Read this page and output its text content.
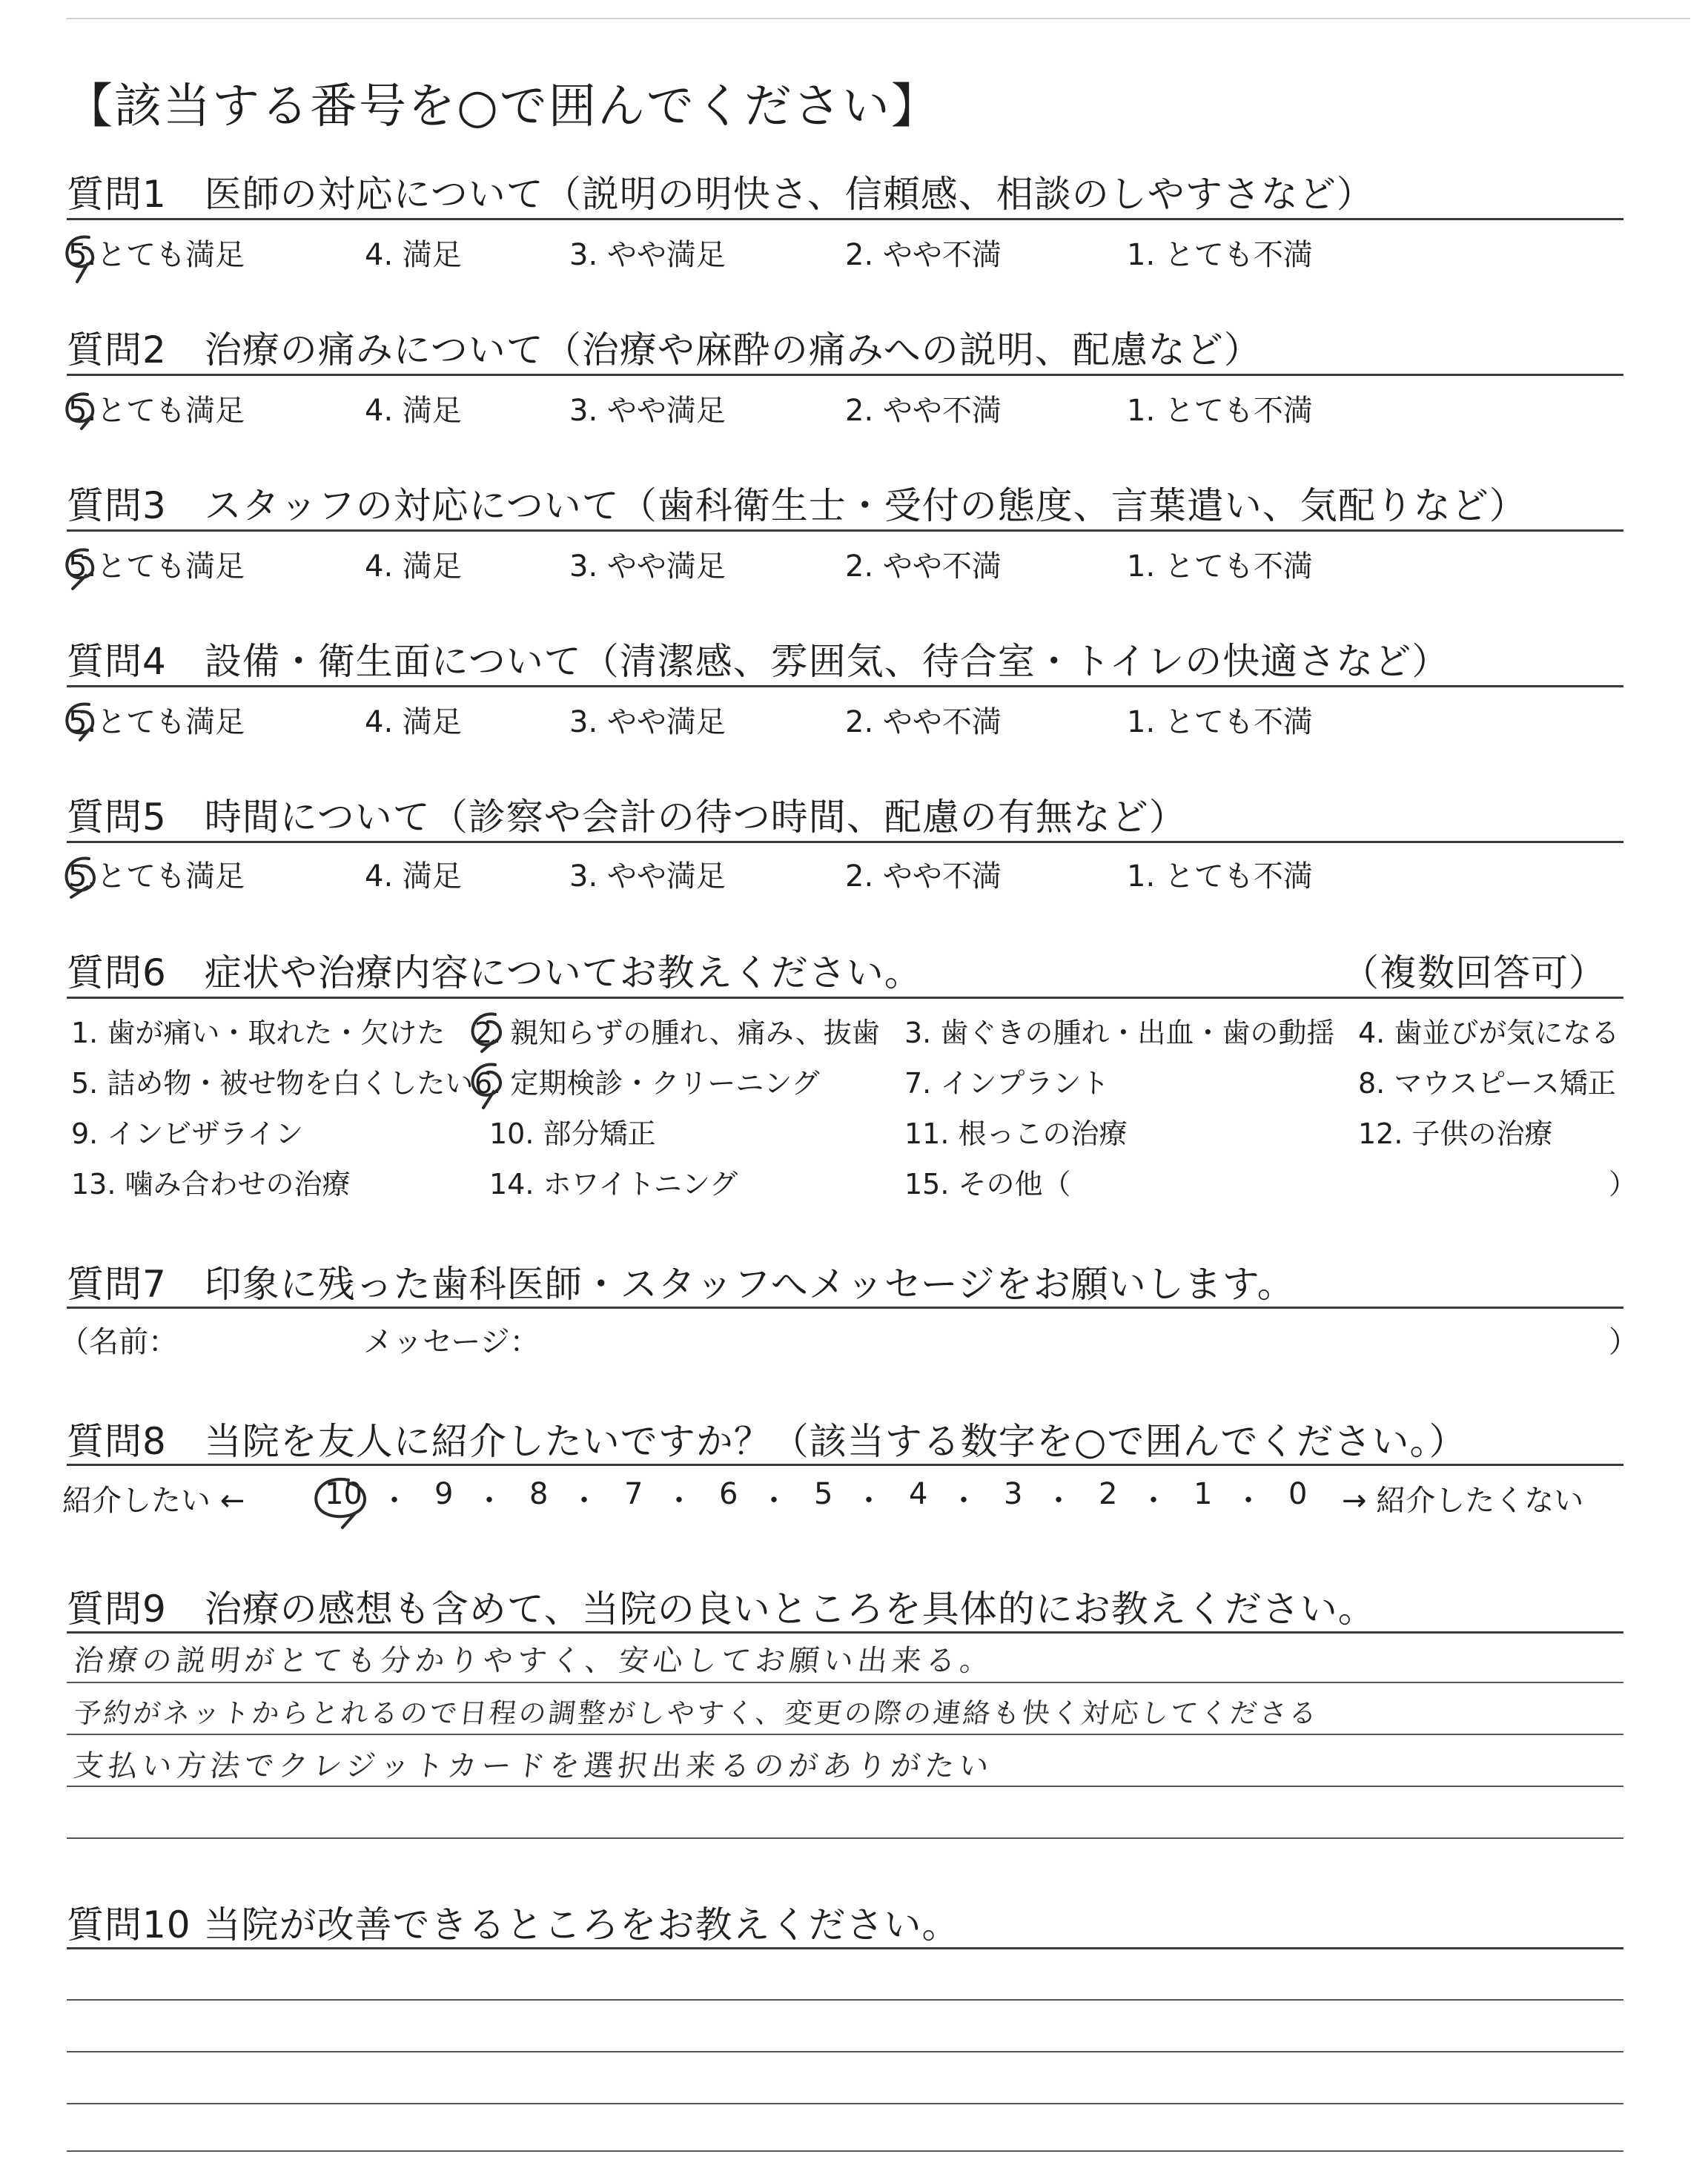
【該当する番号を○で囲んでください】
質問1　医師の対応について（説明の明快さ、信頼感、相談のしやすさなど）
5.とても満足	4. 満足	3. やや満足	2. やや不満	1. とても不満
質問2　治療の痛みについて（治療や麻酔の痛みへの説明、配慮など）
5.とても満足	4. 満足	3. やや満足	2. やや不満	1. とても不満
質問3　スタッフの対応について（歯科衛生士・受付の態度、言葉遣い、気配りなど）
5.とても満足	4. 満足	3. やや満足	2. やや不満	1. とても不満
質問4　設備・衛生面について（清潔感、雰囲気、待合室・トイレの快適さなど）
5.とても満足	4. 満足	3. やや満足	2. やや不満	1. とても不満
質問5　時間について（診察や会計の待つ時間、配慮の有無など）
5.とても満足	4. 満足	3. やや満足	2. やや不満	1. とても不満
質問6　症状や治療内容についてお教えください。	（複数回答可）
1. 歯が痛い・取れた・欠けた 2. 親知らずの腫れ、痛み、抜歯 3. 歯ぐきの腫れ・出血・歯の動揺 4. 歯並びが気になる
5. 詰め物・被せ物を白くしたい 6. 定期検診・クリーニング	7. インプラント	8. マウスピース矯正
9. インビザライン	10. 部分矯正	11. 根っこの治療	12. 子供の治療
13. 噛み合わせの治療	14. ホワイトニング	15. その他（	）
質問7　印象に残った歯科医師・スタッフへメッセージをお願いします。
（名前：	メッセージ：	）
質問8　当院を友人に紹介したいですか？（該当する数字を○で囲んでください。）
紹介したい ←	10 ・ 9 ・ 8 ・ 7 ・ 6 ・ 5 ・ 4 ・ 3 ・ 2 ・ 1 ・ 0 → 紹介したくない
質問9　治療の感想も含めて、当院の良いところを具体的にお教えください。
治療の説明がとても分かりやすく、安心してお願い出来る。
予約がネットからとれるので日程の調整がしやすく、変更の際の連絡も快く対応してくださる
支払い方法でクレジットカードを選択出来るのがありがたい
質問10 当院が改善できるところをお教えください。
